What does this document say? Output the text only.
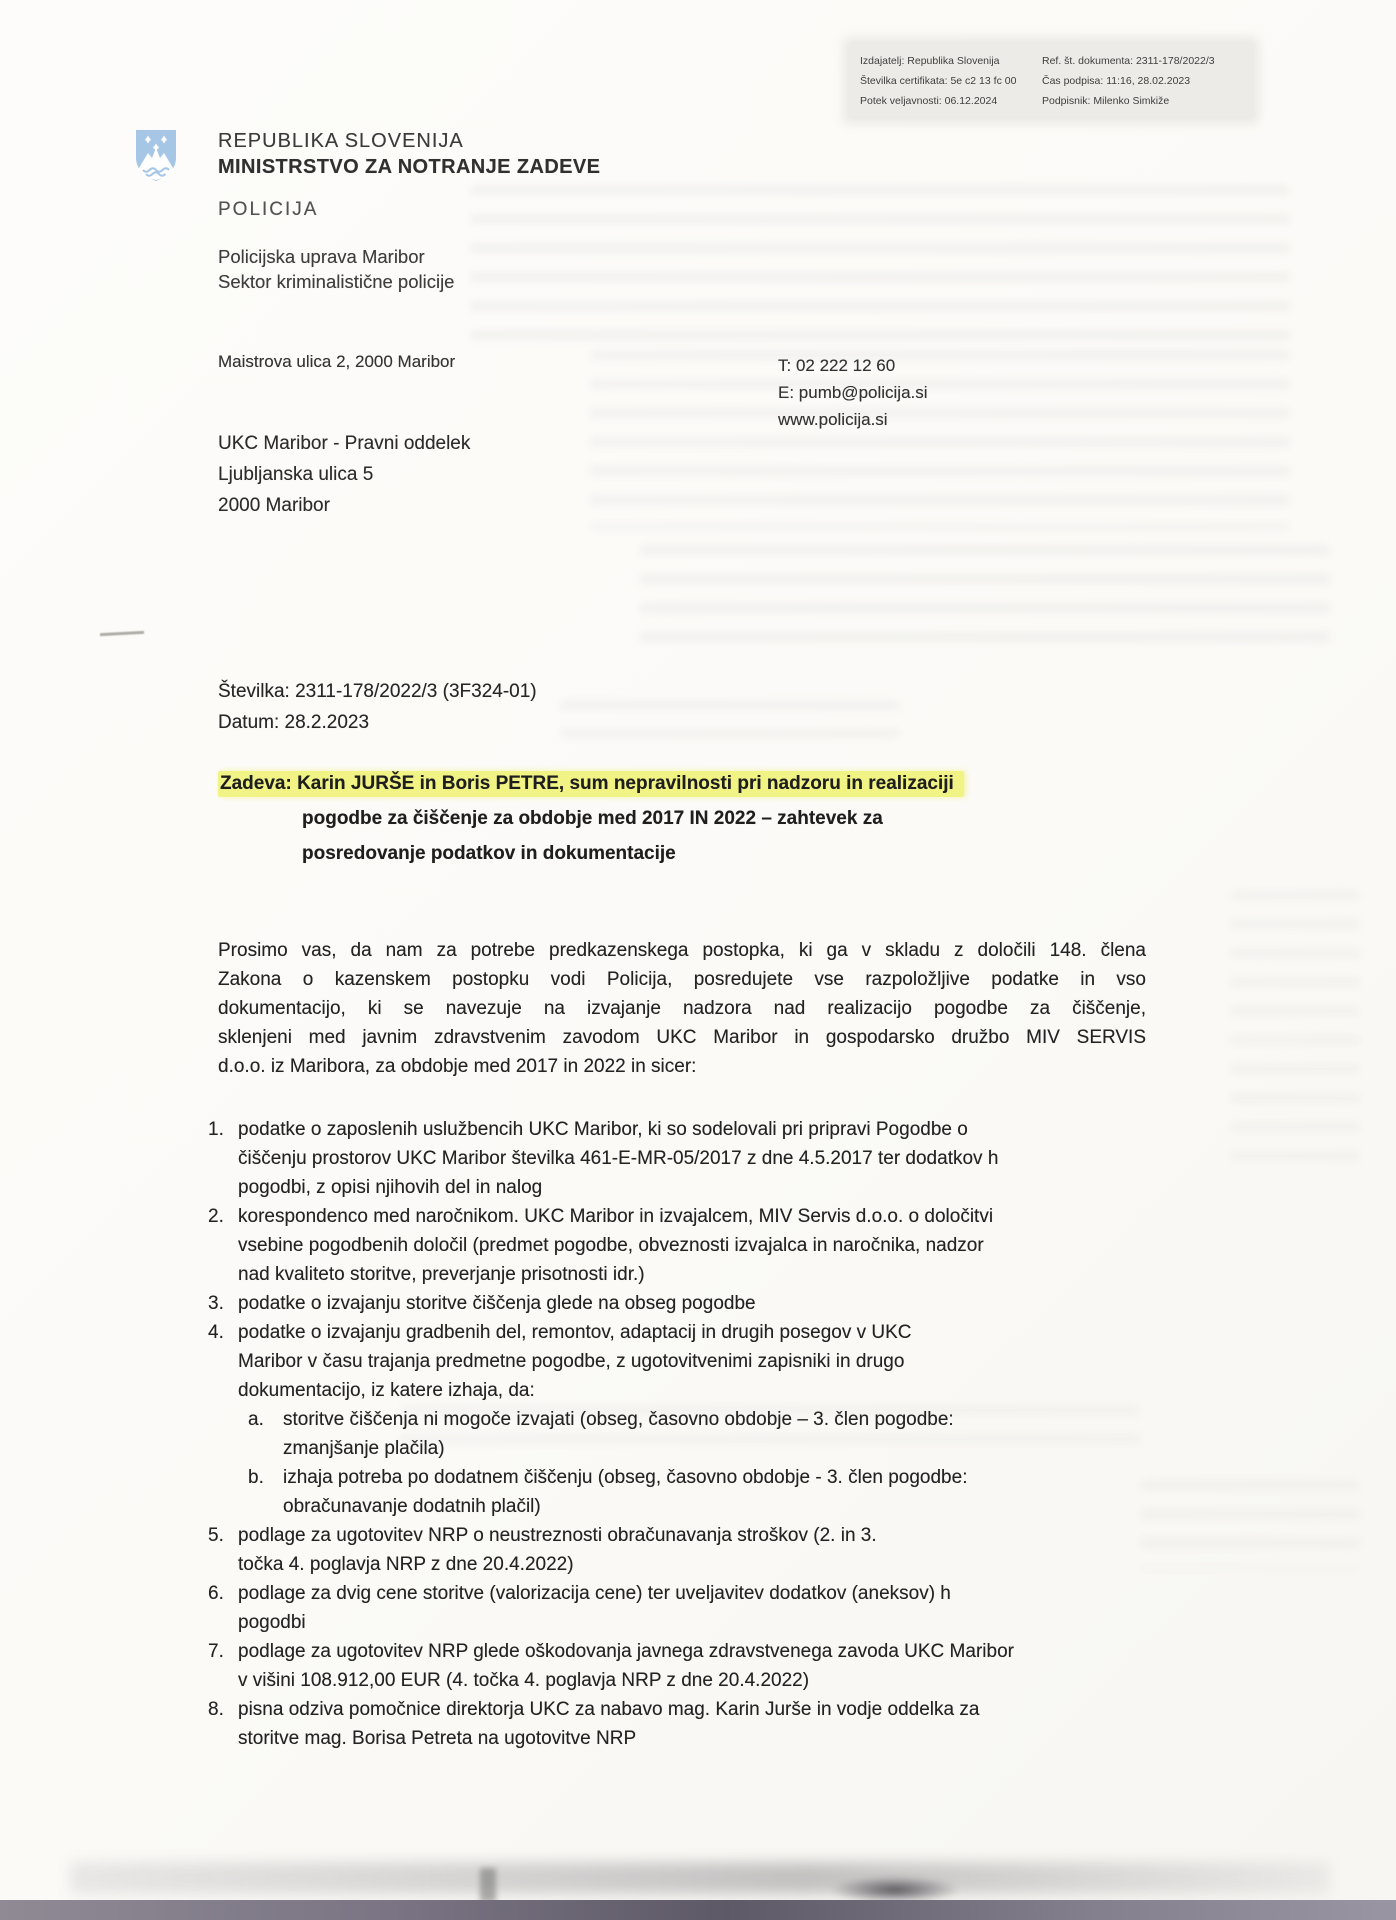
Izdajatelj: Republika Slovenija	Ref. št. dokumenta: 2311-178/2022/3
Številka certifikata: 5e c2 13 fc 00	Čas podpisa: 11:16, 28.02.2023
Potek veljavnosti: 06.12.2024	Podpisnik: Milenko Simkiže
REPUBLIKA SLOVENIJA
MINISTRSTVO ZA NOTRANJE ZADEVE
POLICIJA
Policijska uprava Maribor
Sektor kriminalistične policije
Maistrova ulica 2, 2000 Maribor	T: 02 222 12 60
E: pumb@policija.si
www.policija.si
UKC Maribor - Pravni oddelek
Ljubljanska ulica 5
2000 Maribor
Številka: 2311-178/2022/3 (3F324-01)
Datum: 28.2.2023
Zadeva: Karin JURŠE in Boris PETRE, sum nepravilnosti pri nadzoru in realizaciji
pogodbe za čiščenje za obdobje med 2017 IN 2022 – zahtevek za
posredovanje podatkov in dokumentacije
Prosimo vas, da nam za potrebe predkazenskega postopka, ki ga v skladu z določili 148. člena
Zakona o kazenskem postopku vodi Policija, posredujete vse razpoložljive podatke in vso
dokumentacijo, ki se navezuje na izvajanje nadzora nad realizacijo pogodbe za čiščenje,
sklenjeni med javnim zdravstvenim zavodom UKC Maribor in gospodarsko družbo MIV SERVIS
d.o.o. iz Maribora, za obdobje med 2017 in 2022 in sicer:
1. podatke o zaposlenih uslužbencih UKC Maribor, ki so sodelovali pri pripravi Pogodbe o
čiščenju prostorov UKC Maribor številka 461-E-MR-05/2017 z dne 4.5.2017 ter dodatkov h
pogodbi, z opisi njihovih del in nalog
2. korespondenco med naročnikom. UKC Maribor in izvajalcem, MIV Servis d.o.o. o določitvi
vsebine pogodbenih določil (predmet pogodbe, obveznosti izvajalca in naročnika, nadzor
nad kvaliteto storitve, preverjanje prisotnosti idr.)
3. podatke o izvajanju storitve čiščenja glede na obseg pogodbe
4. podatke o izvajanju gradbenih del, remontov, adaptacij in drugih posegov v UKC
Maribor v času trajanja predmetne pogodbe, z ugotovitvenimi zapisniki in drugo
dokumentacijo, iz katere izhaja, da:
a. storitve čiščenja ni mogoče izvajati (obseg, časovno obdobje – 3. člen pogodbe:
zmanjšanje plačila)
b. izhaja potreba po dodatnem čiščenju (obseg, časovno obdobje - 3. člen pogodbe:
obračunavanje dodatnih plačil)
5. podlage za ugotovitev NRP o neustreznosti obračunavanja stroškov (2. in 3.
točka 4. poglavja NRP z dne 20.4.2022)
6. podlage za dvig cene storitve (valorizacija cene) ter uveljavitev dodatkov (aneksov) h
pogodbi
7. podlage za ugotovitev NRP glede oškodovanja javnega zdravstvenega zavoda UKC Maribor
v višini 108.912,00 EUR (4. točka 4. poglavja NRP z dne 20.4.2022)
8. pisna odziva pomočnice direktorja UKC za nabavo mag. Karin Jurše in vodje oddelka za
storitve mag. Borisa Petreta na ugotovitve NRP
